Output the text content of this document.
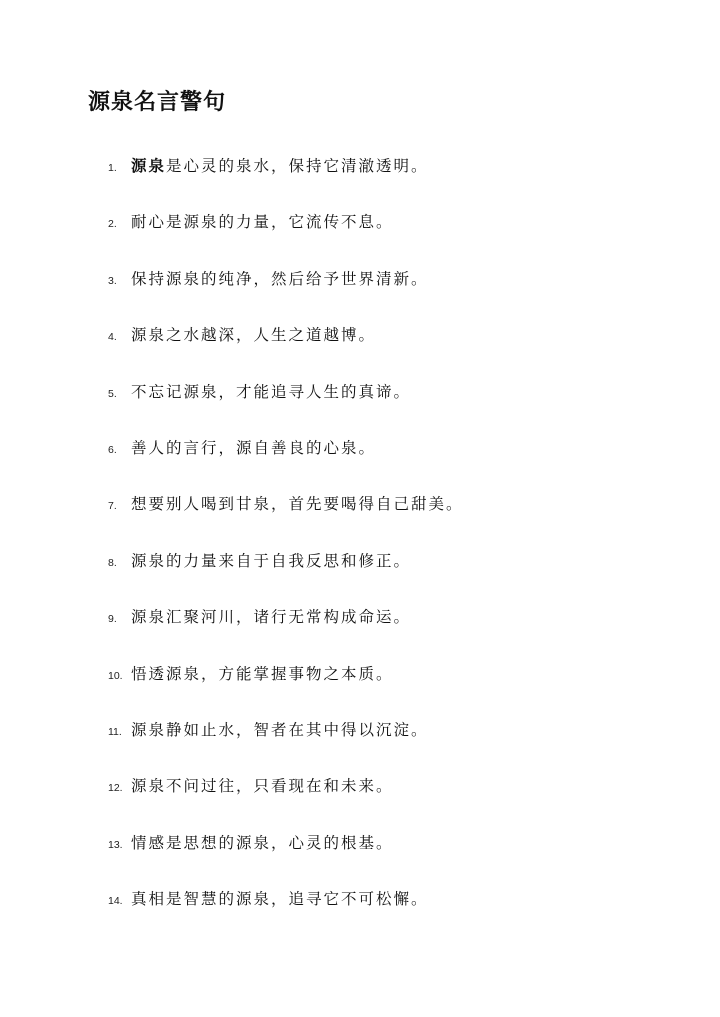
源泉名言警句
1. 源泉是心灵的泉水，保持它清澈透明。
2. 耐心是源泉的力量，它流传不息。
3. 保持源泉的纯净，然后给予世界清新。
4. 源泉之水越深，人生之道越博。
5. 不忘记源泉，才能追寻人生的真谛。
6. 善人的言行，源自善良的心泉。
7. 想要别人喝到甘泉，首先要喝得自己甜美。
8. 源泉的力量来自于自我反思和修正。
9. 源泉汇聚河川，诸行无常构成命运。
10. 悟透源泉，方能掌握事物之本质。
11. 源泉静如止水，智者在其中得以沉淀。
12. 源泉不问过往，只看现在和未来。
13. 情感是思想的源泉，心灵的根基。
14. 真相是智慧的源泉，追寻它不可松懈。
